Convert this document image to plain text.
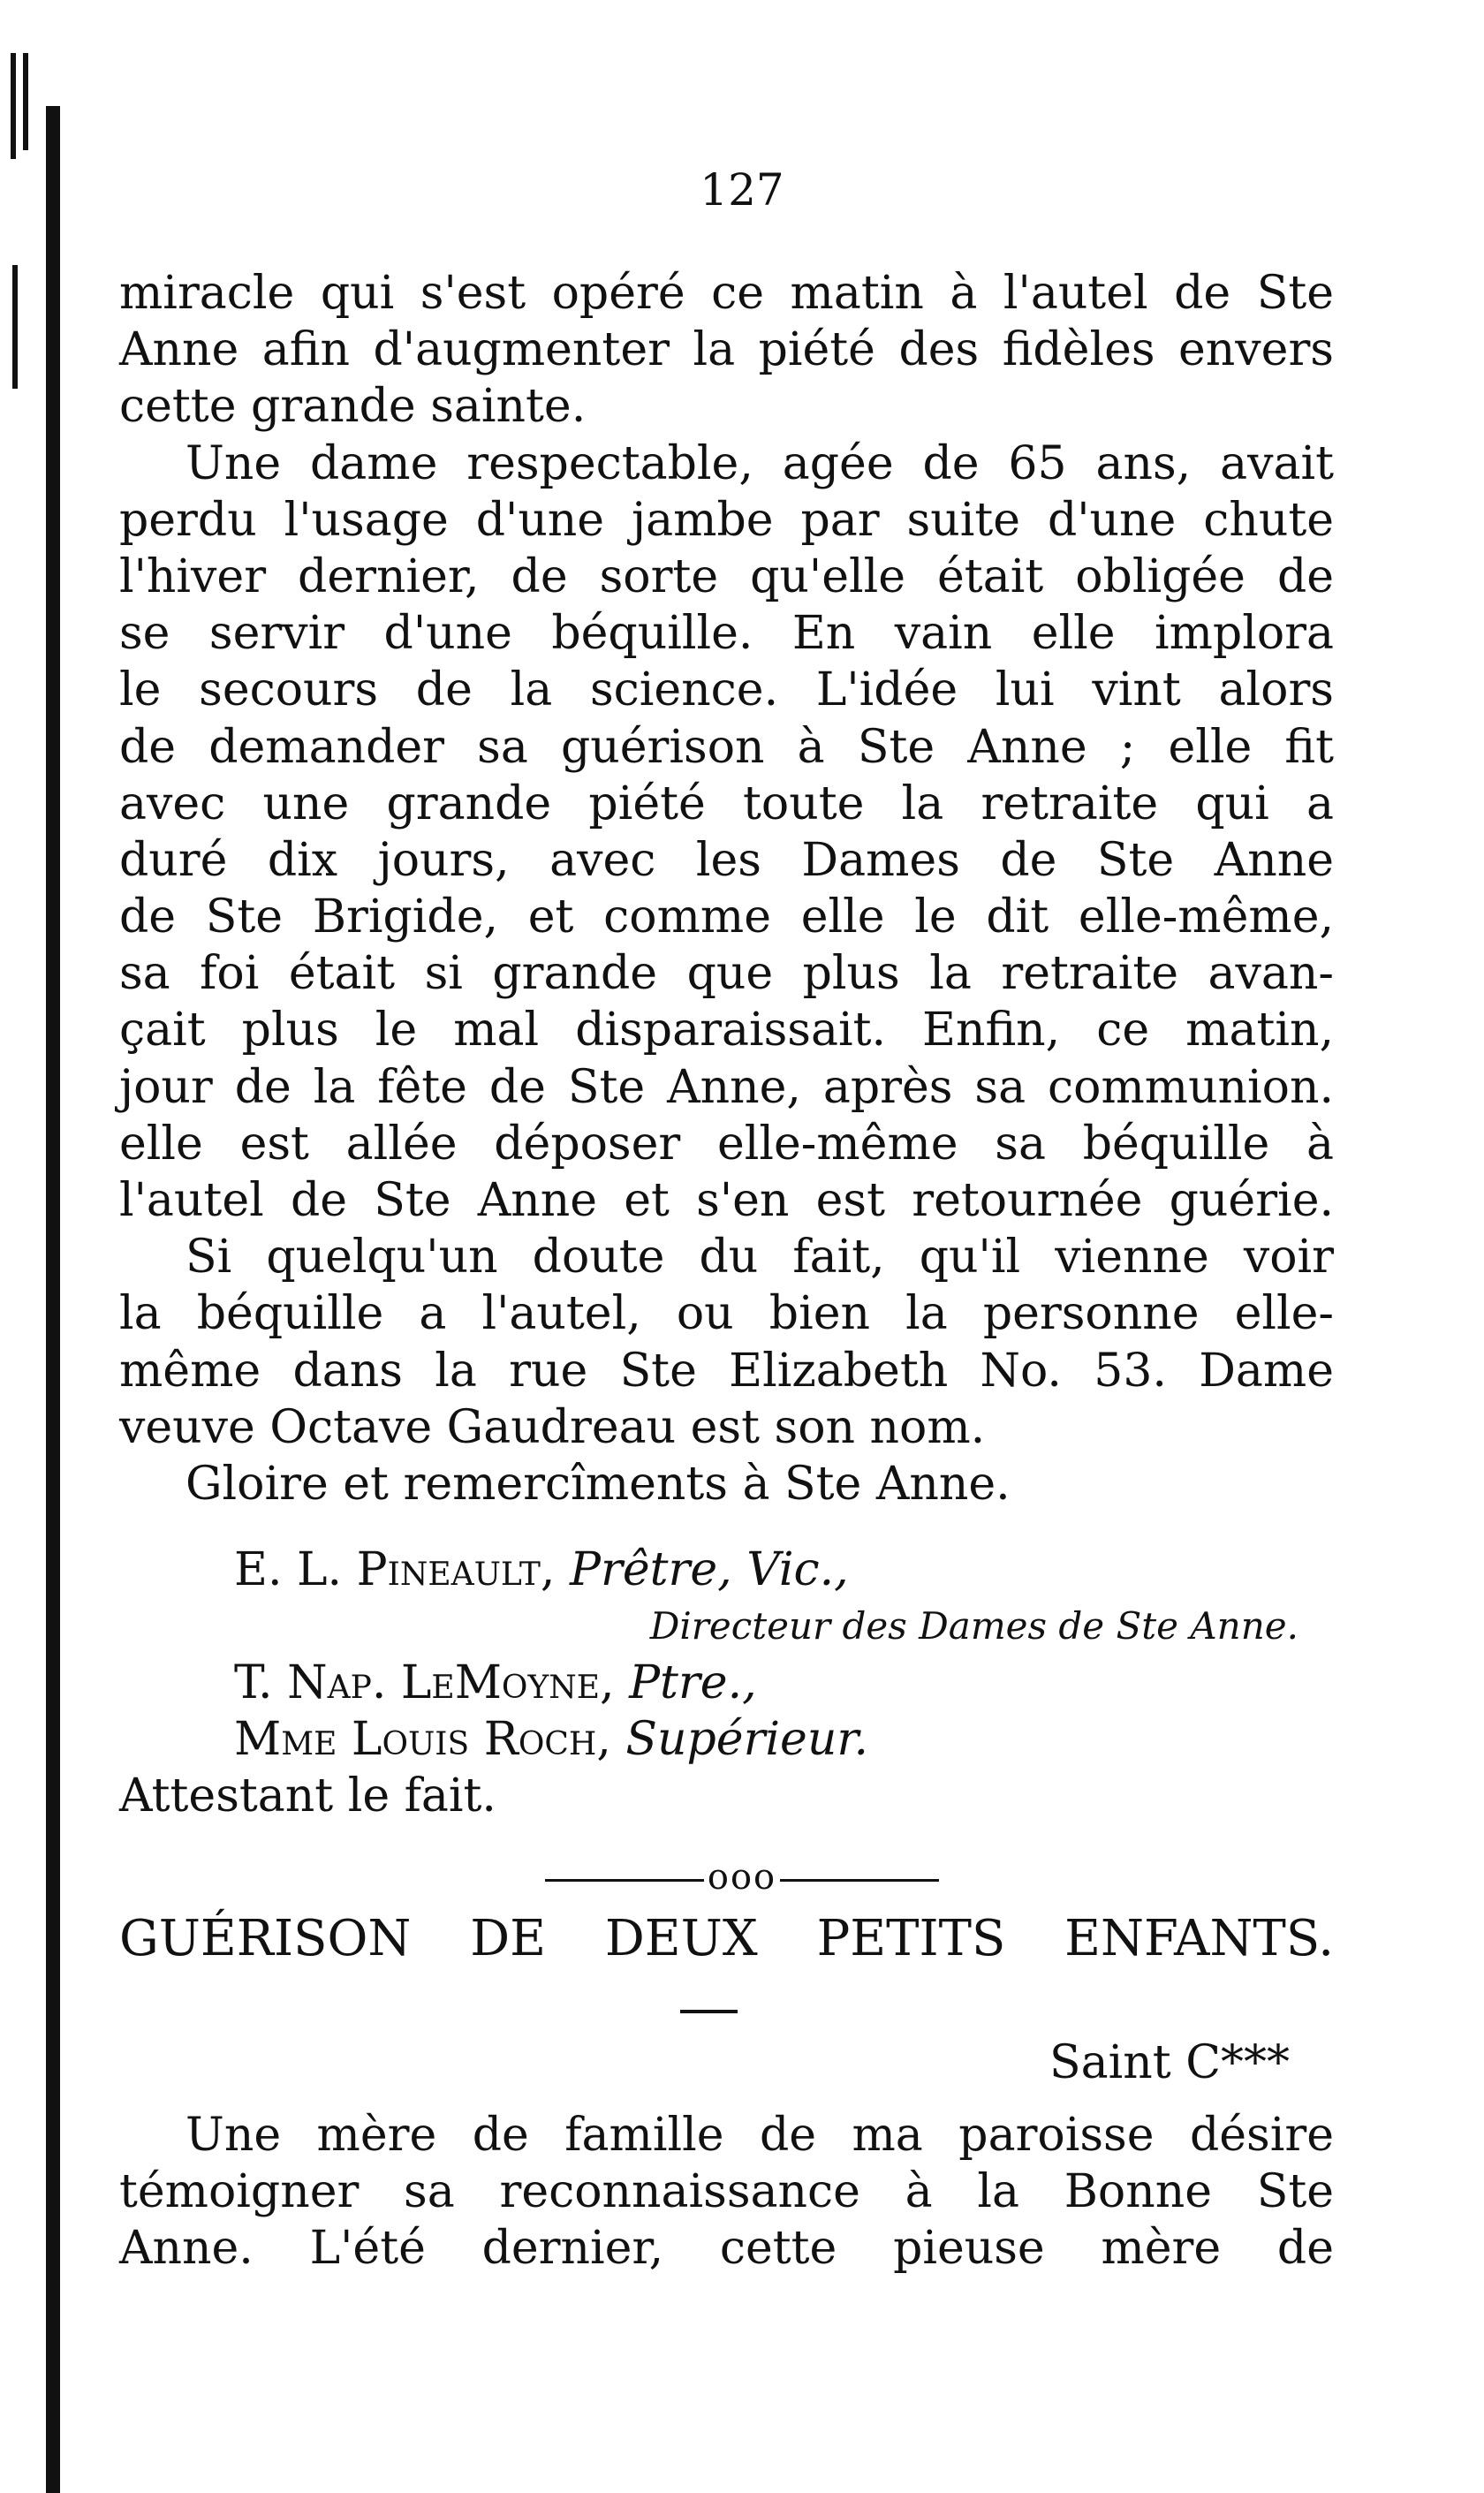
127
miracle qui s'est opéré ce matin à l'autel de Ste
Anne afin d'augmenter la piété des fidèles envers
cette grande sainte.
Une dame respectable, agée de 65 ans, avait
perdu l'usage d'une jambe par suite d'une chute
l'hiver dernier, de sorte qu'elle était obligée de
se servir d'une béquille. En vain elle implora
le secours de la science. L'idée lui vint alors
de demander sa guérison à Ste Anne ; elle fit
avec une grande piété toute la retraite qui a
duré dix jours, avec les Dames de Ste Anne
de Ste Brigide, et comme elle le dit elle-même,
sa foi était si grande que plus la retraite avan-
çait plus le mal disparaissait. Enfin, ce matin,
jour de la fête de Ste Anne, après sa communion.
elle est allée déposer elle-même sa béquille à
l'autel de Ste Anne et s'en est retournée guérie.
Si quelqu'un doute du fait, qu'il vienne voir
la béquille a l'autel, ou bien la personne elle-
même dans la rue Ste Elizabeth No. 53. Dame
veuve Octave Gaudreau est son nom.
Gloire et remercîments à Ste Anne.
E. L. Pineault, Prêtre, Vic.,
Directeur des Dames de Ste Anne.
T. Nap. LeMoyne, Ptre.,
Mme Louis Roch, Supérieur.
Attestant le fait.
ooo
GUÉRISON DE DEUX PETITS ENFANTS.
Saint C***
Une mère de famille de ma paroisse désire
témoigner sa reconnaissance à la Bonne Ste
Anne. L'été dernier, cette pieuse mère de
